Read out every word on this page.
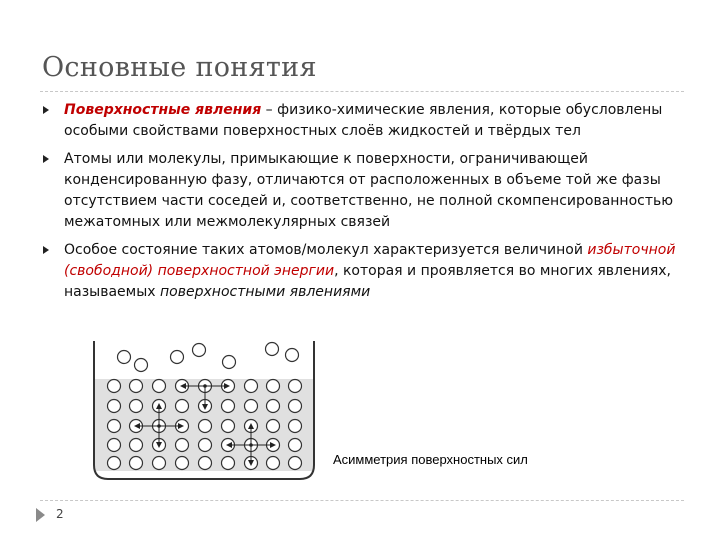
Основные понятия
Поверхностные явления – физико-химические явления, которые обусловлены особыми свойствами поверхностных слоёв жидкостей и твёрдых тел
Атомы или молекулы, примыкающие к поверхности, ограничивающей конденсированную фазу, отличаются от расположенных в объеме той же фазы отсутствием части соседей и, соответственно, не полной скомпенсированностью межатомных или межмолекулярных связей
Особое состояние таких атомов/молекул характеризуется величиной избыточной (свободной) поверхностной энергии, которая и проявляется во многих явлениях, называемых поверхностными явлениями
Асимметрия поверхностных сил
2
